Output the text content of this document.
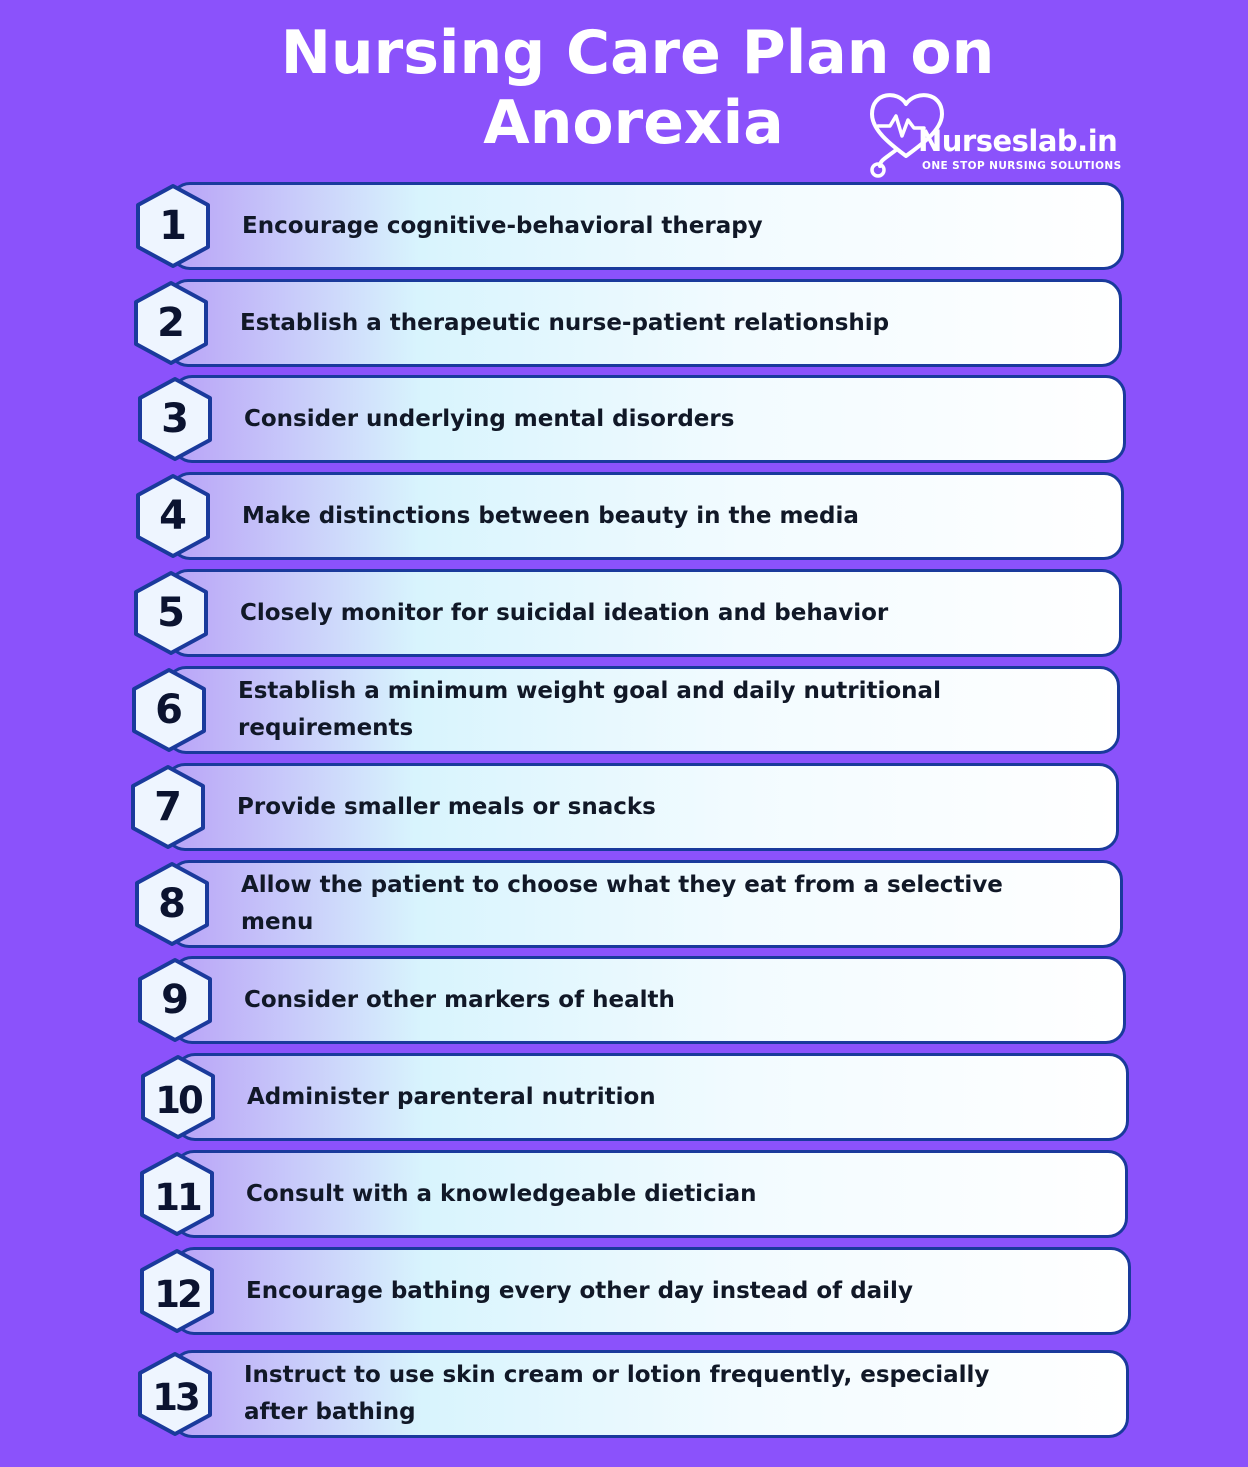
Nursing Care Plan on
Anorexia	Nurseslab.in
ONE STOP NURSING SOLUTIONS
Encourage cognitive-behavioral therapy
1
Establish a therapeutic nurse-patient relationship
2
Consider underlying mental disorders
3
Make distinctions between beauty in the media
4
Closely monitor for suicidal ideation and behavior
5
Establish a minimum weight goal and daily nutritional requirements
6
Provide smaller meals or snacks
7
Allow the patient to choose what they eat from a selective menu
8
Consider other markers of health
9
Administer parenteral nutrition
10
Consult with a knowledgeable dietician
11
Encourage bathing every other day instead of daily
12
Instruct to use skin cream or lotion frequently, especially after bathing
13
